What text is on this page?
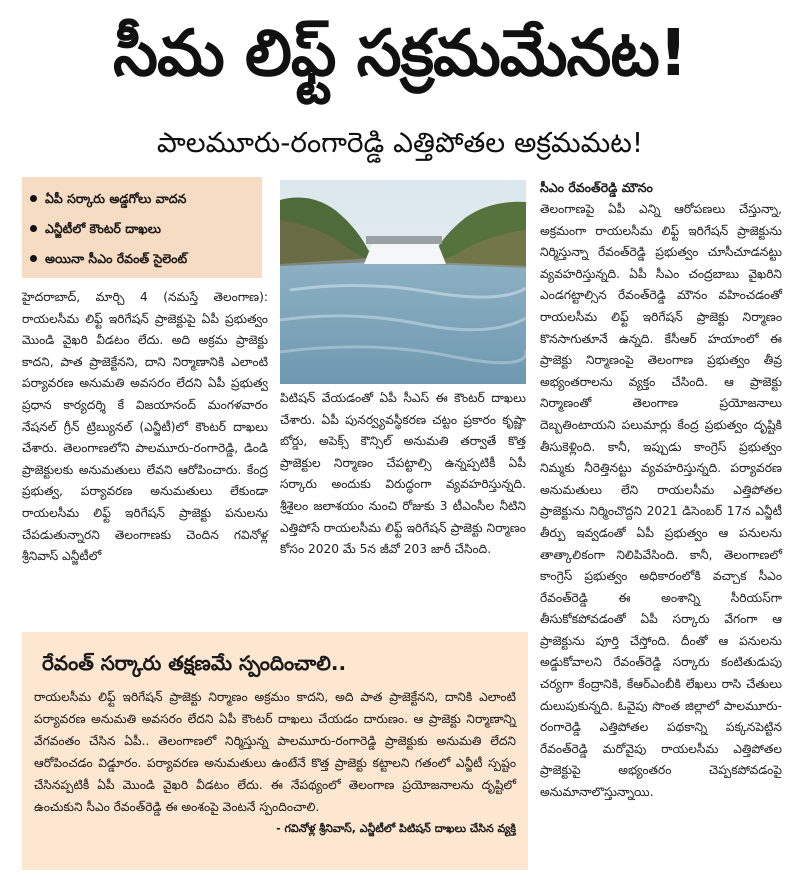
సీమ లిఫ్ట్ సక్రమమేనట!
పాలమూరు-రంగారెడ్డి ఎత్తిపోతల అక్రమమట!
ఏపీ సర్కారు అడ్డగోలు వాదన
ఎన్జీటీలో కౌంటర్ దాఖలు
అయినా సీఎం రేవంత్ సైలెంట్
హైదరాబాద్, మార్చి 4 (నమస్తే తెలంగాణ): రాయలసీమ లిఫ్ట్ ఇరిగేషన్ ప్రాజెక్టుపై ఏపీ ప్రభుత్వం మొండి వైఖరి వీడటం లేదు. అది అక్రమ ప్రాజెక్టు కాదని, పాత ప్రాజెక్టేనని, దాని నిర్మాణానికి ఎలాంటి పర్యావరణ అనుమతి అవసరం లేదని ఏపీ ప్రభుత్వ ప్రధాన కార్యదర్శి కే విజయానంద్ మంగళవారం నేషనల్ గ్రీన్ ట్రిబ్యునల్ (ఎన్జీటీ)లో కౌంటర్ దాఖలు చేశారు. తెలంగాణలోని పాలమూరు-రంగారెడ్డి, డిండి ప్రాజెక్టులకు అనుమతులు లేవని ఆరోపించారు. కేంద్ర ప్రభుత్వ, పర్యావరణ అనుమతులు లేకుండా రాయలసీమ లిఫ్ట్ ఇరిగేషన్ ప్రాజెక్టు పనులను చేపడుతున్నారని తెలంగాణకు చెందిన గవినోళ్ల శ్రీనివాస్ ఎన్జీటీలో
పిటిషన్ వేయడంతో ఏపీ సీఎస్ ఈ కౌంటర్ దాఖలు చేశారు. ఏపీ పునర్వ్యవస్థీకరణ చట్టం ప్రకారం కృష్ణా బోర్డు, అపెక్స్ కౌన్సిల్ అనుమతి తర్వాతే కొత్త ప్రాజెక్టుల నిర్మాణం చేపట్టాల్సి ఉన్నప్పటికీ ఏపీ సర్కారు అందుకు విరుద్ధంగా వ్యవహరిస్తున్నది. శ్రీశైలం జలాశయం నుంచి రోజుకు 3 టీఎంసీల నీటిని ఎత్తిపోసే రాయలసీమ లిఫ్ట్ ఇరిగేషన్ ప్రాజెక్టు నిర్మాణం కోసం 2020 మే 5న జీవో 203 జారీ చేసింది.
సీఎం రేవంత్‌రెడ్డి మౌనం
తెలంగాణపై ఏపీ ఎన్ని ఆరోపణలు చేస్తున్నా, అక్రమంగా రాయలసీమ లిఫ్ట్ ఇరిగేషన్ ప్రాజెక్టును నిర్మిస్తున్నా రేవంత్‌రెడ్డి ప్రభుత్వం చూసీచూడనట్టు వ్యవహరిస్తున్నది. ఏపీ సీఎం చంద్రబాబు వైఖరిని ఎండగట్టాల్సిన రేవంత్‌రెడ్డి మౌనం వహించడంతో రాయలసీమ లిఫ్ట్ ఇరిగేషన్ ప్రాజెక్టు నిర్మాణం కొనసాగుతూనే ఉన్నది. కేసీఆర్ హయాంలో ఈ ప్రాజెక్టు నిర్మాణంపై తెలంగాణ ప్రభుత్వం తీవ్ర అభ్యంతరాలను వ్యక్తం చేసింది. ఆ ప్రాజెక్టు నిర్మాణంతో తెలంగాణ ప్రయోజనాలు దెబ్బతింటాయని పలుమార్లు కేంద్ర ప్రభుత్వం దృష్టికి తీసుకెళ్లింది. కానీ, ఇప్పుడు కాంగ్రెస్ ప్రభుత్వం నిమ్మకు నీరెత్తినట్టు వ్యవహరిస్తున్నది. పర్యావరణ అనుమతులు లేని రాయలసీమ ఎత్తిపోతల ప్రాజెక్టును నిర్మించొద్దని 2021 డిసెంబర్ 17న ఎన్జీటీ తీర్పు ఇవ్వడంతో ఏపీ ప్రభుత్వం ఆ పనులను తాత్కాలికంగా నిలిపివేసింది. కానీ, తెలంగాణలో కాంగ్రెస్ ప్రభుత్వం అధికారంలోకి వచ్చాక సీఎం రేవంత్‌రెడ్డి ఈ అంశాన్ని సీరియస్‌గా తీసుకోకపోవడంతో ఏపీ సర్కారు వేగంగా ఆ ప్రాజెక్టును పూర్తి చేస్తోంది. దీంతో ఆ పనులను అడ్డుకోవాలని రేవంత్‌రెడ్డి సర్కారు కంటితుడుపు చర్యగా కేంద్రానికి, కేఆర్‌ఎంబీకి లేఖలు రాసి చేతులు దులుపుకున్నది. ఓవైపు సొంత జిల్లాలో పాలమూరు-రంగారెడ్డి ఎత్తిపోతల పథకాన్ని పక్కనపెట్టిన రేవంత్‌రెడ్డి మరోవైపు రాయలసీమ ఎత్తిపోతల ప్రాజెక్టుపై అభ్యంతరం చెప్పకపోవడంపై అనుమానాలొస్తున్నాయి.
రేవంత్ సర్కారు తక్షణమే స్పందించాలి..
రాయలసీమ లిఫ్ట్ ఇరిగేషన్ ప్రాజెక్టు నిర్మాణం అక్రమం కాదని, అది పాత ప్రాజెక్టేనని, దానికి ఎలాంటి పర్యావరణ అనుమతి అవసరం లేదని ఏపీ కౌంటర్ దాఖలు చేయడం దారుణం. ఆ ప్రాజెక్టు నిర్మాణాన్ని వేగవంతం చేసిన ఏపీ.. తెలంగాణలో నిర్మిస్తున్న పాలమూరు-రంగారెడ్డి ప్రాజెక్టుకు అనుమతి లేదని ఆరోపించడం విడ్డూరం. పర్యావరణ అనుమతులు ఉంటేనే కొత్త ప్రాజెక్టు కట్టాలని గతంలో ఎన్జీటీ స్పష్టం చేసినప్పటికీ ఏపీ మొండి వైఖరి వీడటం లేదు. ఈ నేపథ్యంలో తెలంగాణ ప్రయోజనాలను దృష్టిలో ఉంచుకుని సీఎం రేవంత్‌రెడ్డి ఈ అంశంపై వెంటనే స్పందించాలి.
- గవినోళ్ల శ్రీనివాస్, ఎన్జీటీలో పిటిషన్ దాఖలు చేసిన వ్యక్తి
